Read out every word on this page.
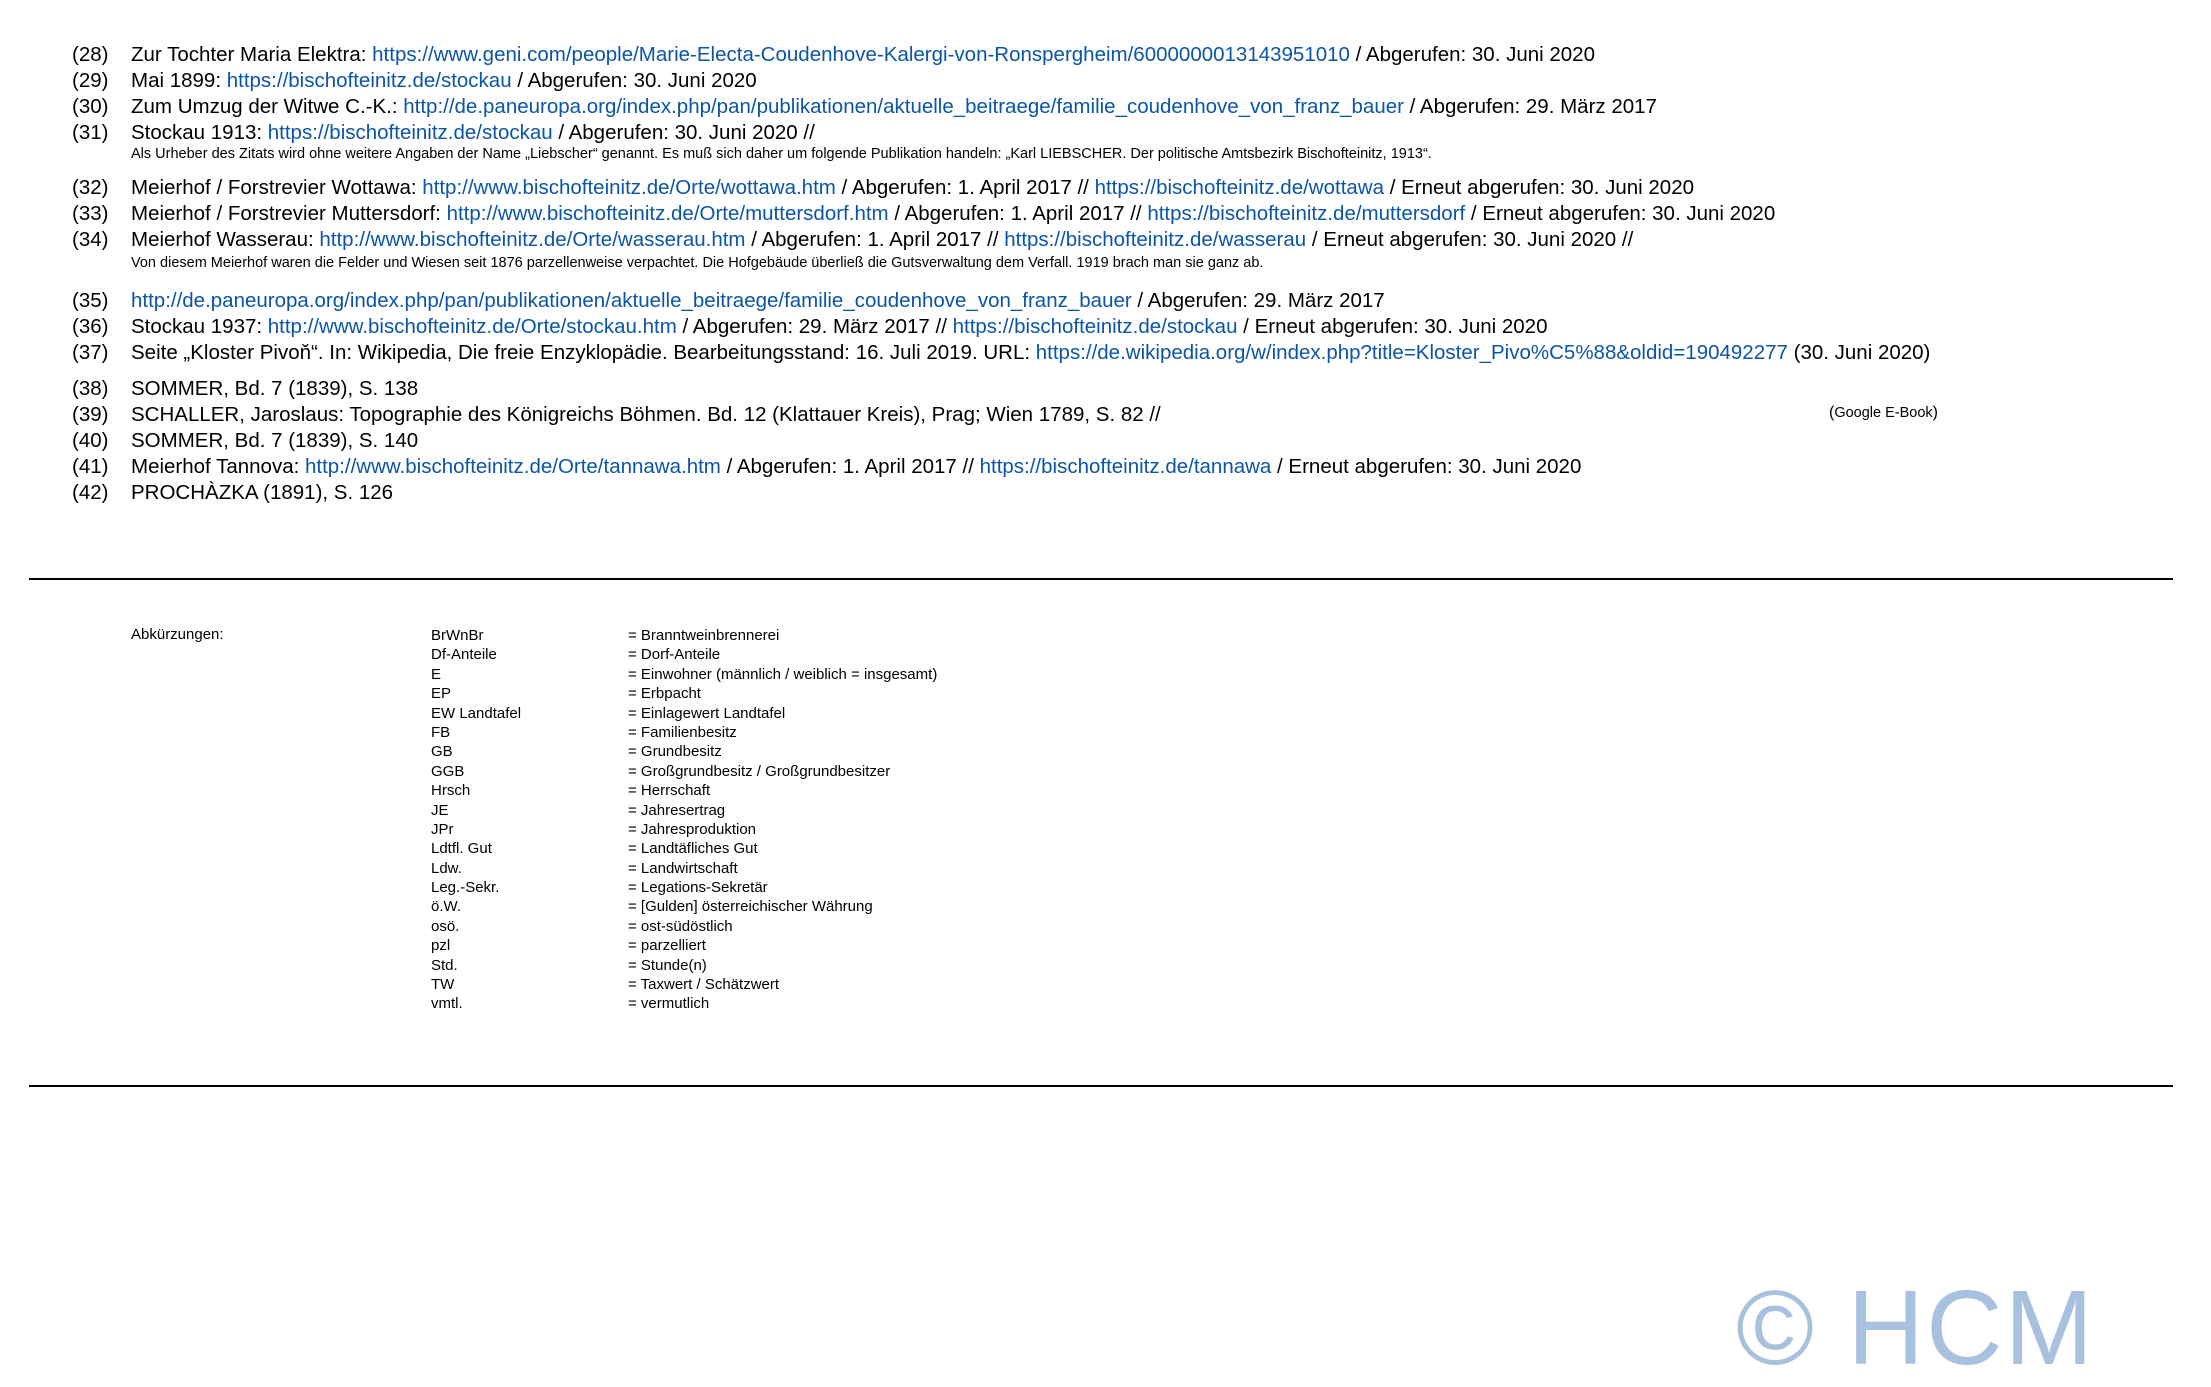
(28) Zur Tochter Maria Elektra: https://www.geni.com/people/Marie-Electa-Coudenhove-Kalergi-von-Ronspergheim/6000000013143951010 / Abgerufen: 30. Juni 2020
(29) Mai 1899: https://bischofteinitz.de/stockau / Abgerufen: 30. Juni 2020
(30) Zum Umzug der Witwe C.-K.: http://de.paneuropa.org/index.php/pan/publikationen/aktuelle_beitraege/familie_coudenhove_von_franz_bauer / Abgerufen: 29. März 2017
(31) Stockau 1913: https://bischofteinitz.de/stockau / Abgerufen: 30. Juni 2020 //
(32) Meierhof / Forstrevier Wottawa: http://www.bischofteinitz.de/Orte/wottawa.htm / Abgerufen: 1. April 2017 // https://bischofteinitz.de/wottawa / Erneut abgerufen: 30. Juni 2020
(33) Meierhof / Forstrevier Muttersdorf: http://www.bischofteinitz.de/Orte/muttersdorf.htm / Abgerufen: 1. April 2017 // https://bischofteinitz.de/muttersdorf / Erneut abgerufen: 30. Juni 2020
(34) Meierhof Wasserau: http://www.bischofteinitz.de/Orte/wasserau.htm / Abgerufen: 1. April 2017 // https://bischofteinitz.de/wasserau / Erneut abgerufen: 30. Juni 2020 //
(35) http://de.paneuropa.org/index.php/pan/publikationen/aktuelle_beitraege/familie_coudenhove_von_franz_bauer / Abgerufen: 29. März 2017
(36) Stockau 1937: http://www.bischofteinitz.de/Orte/stockau.htm / Abgerufen: 29. März 2017 // https://bischofteinitz.de/stockau / Erneut abgerufen: 30. Juni 2020
(37) Seite „Kloster Pivoň“. In: Wikipedia, Die freie Enzyklopädie. Bearbeitungsstand: 16. Juli 2019. URL: https://de.wikipedia.org/w/index.php?title=Kloster_Pivo%C5%88&oldid=190492277 (30. Juni 2020)
(38) SOMMER, Bd. 7 (1839), S. 138
(39) SCHALLER, Jaroslaus: Topographie des Königreichs Böhmen. Bd. 12 (Klattauer Kreis), Prag; Wien 1789, S. 82 //
(40) SOMMER, Bd. 7 (1839), S. 140
(41) Meierhof Tannova: http://www.bischofteinitz.de/Orte/tannawa.htm / Abgerufen: 1. April 2017 // https://bischofteinitz.de/tannawa / Erneut abgerufen: 30. Juni 2020
(42) PROCHÀZKA (1891), S. 126
Als Urheber des Zitats wird ohne weitere Angaben der Name „Liebscher“ genannt. Es muß sich daher um folgende Publikation handeln: „Karl LIEBSCHER. Der politische Amtsbezirk Bischofteinitz, 1913“.
Von diesem Meierhof waren die Felder und Wiesen seit 1876 parzellenweise verpachtet. Die Hofgebäude überließ die Gutsverwaltung dem Verfall. 1919 brach man sie ganz ab.
(Google E-Book)
Abkürzungen:	BrWnBr
Df-Anteile
E
EP
EW Landtafel
FB
GB
GGB
Hrsch
JE
JPr
Ldtfl. Gut
Ldw.
Leg.-Sekr.
ö.W.
osö.
pzl
Std.
TW
vmtl.
= Branntweinbrennerei
= Dorf-Anteile
= Einwohner (männlich / weiblich = insgesamt)
= Erbpacht
= Einlagewert Landtafel
= Familienbesitz
= Grundbesitz
= Großgrundbesitz / Großgrundbesitzer
= Herrschaft
= Jahresertrag
= Jahresproduktion
= Landtäfliches Gut
= Landwirtschaft
= Legations-Sekretär
= [Gulden] österreichischer Währung
= ost-südöstlich
= parzelliert
= Stunde(n)
= Taxwert / Schätzwert
= vermutlich
© HCM
